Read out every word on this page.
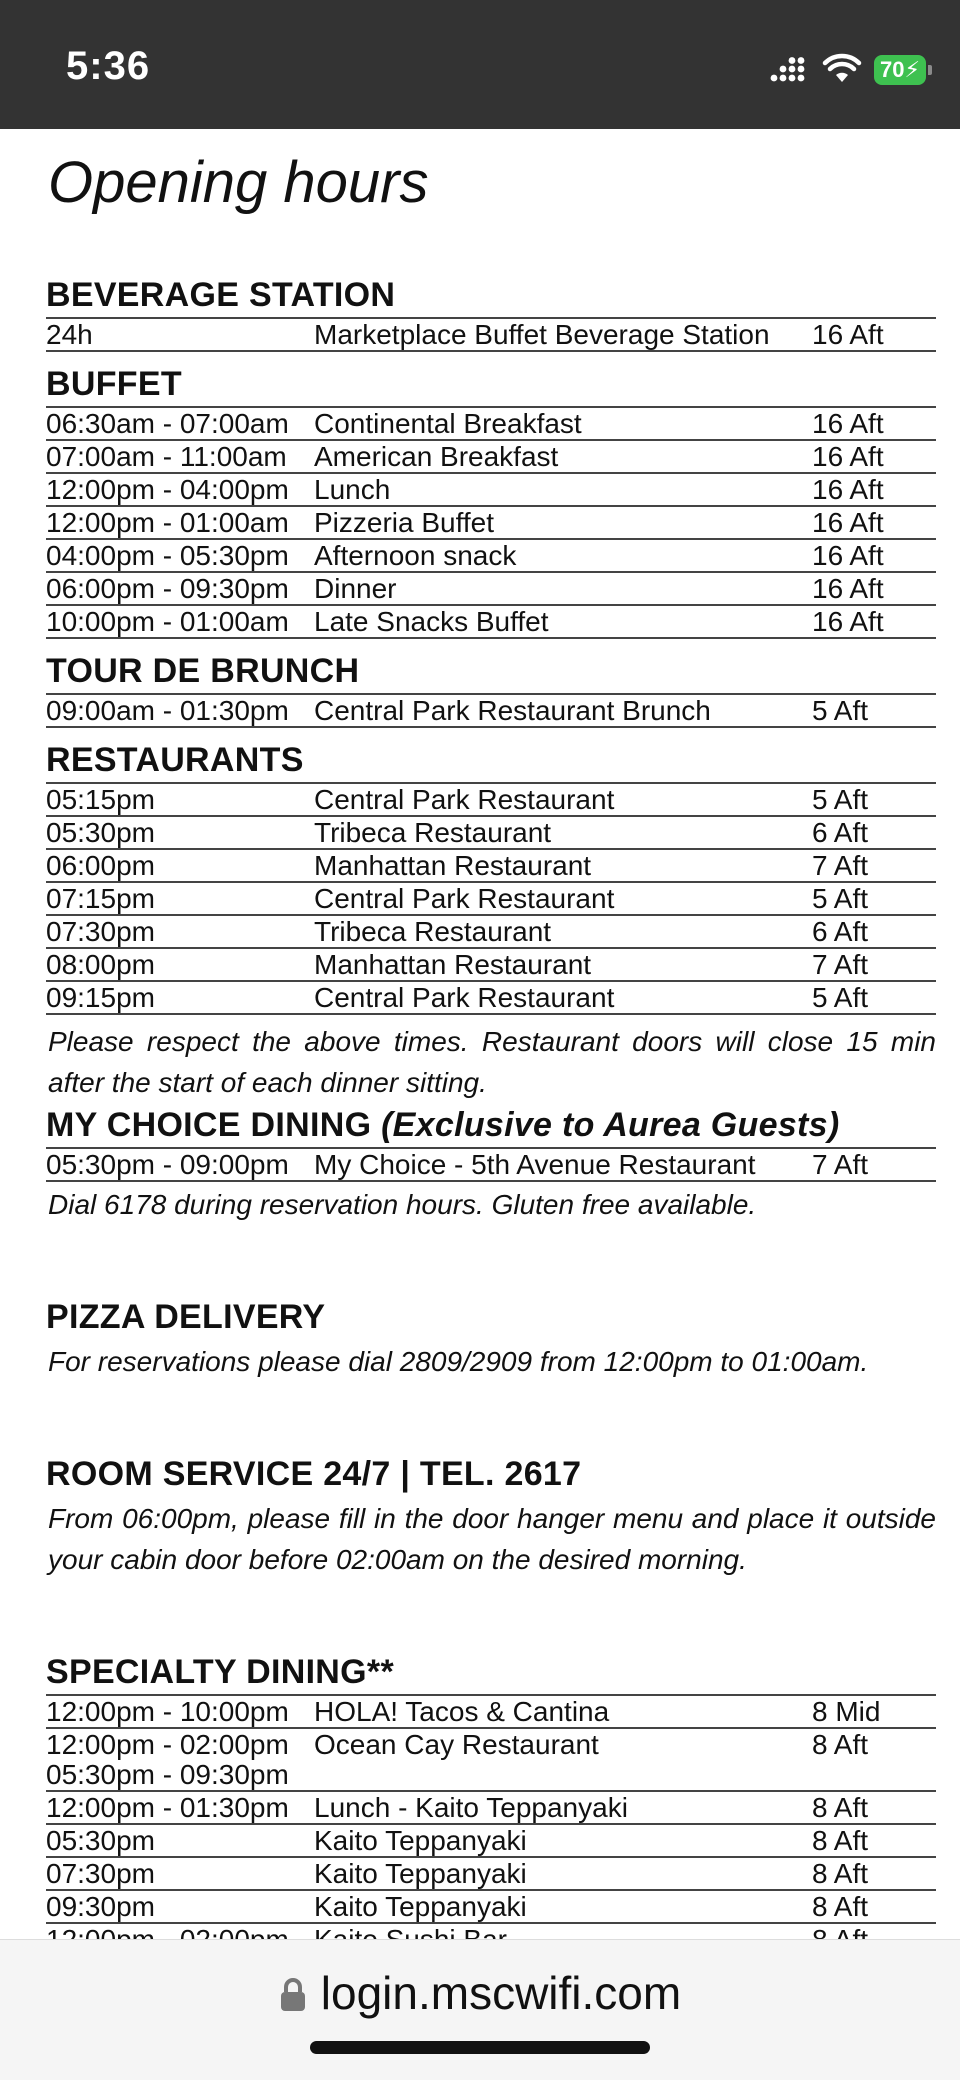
5:36	70 ⚡
Opening hours
BEVERAGE STATION
24h	Marketplace Buffet Beverage Station	16 Aft
BUFFET
06:30am - 07:00am	Continental Breakfast	16 Aft
07:00am - 11:00am	American Breakfast	16 Aft
12:00pm - 04:00pm	Lunch	16 Aft
12:00pm - 01:00am	Pizzeria Buffet	16 Aft
04:00pm - 05:30pm	Afternoon snack	16 Aft
06:00pm - 09:30pm	Dinner	16 Aft
10:00pm - 01:00am	Late Snacks Buffet	16 Aft
TOUR DE BRUNCH
09:00am - 01:30pm	Central Park Restaurant Brunch	5 Aft
RESTAURANTS
05:15pm	Central Park Restaurant	5 Aft
05:30pm	Tribeca Restaurant	6 Aft
06:00pm	Manhattan Restaurant	7 Aft
07:15pm	Central Park Restaurant	5 Aft
07:30pm	Tribeca Restaurant	6 Aft
08:00pm	Manhattan Restaurant	7 Aft
09:15pm	Central Park Restaurant	5 Aft

Please respect the above times. Restaurant doors will close 15 min after the start of each dinner sitting.

MY CHOICE DINING (Exclusive to Aurea Guests)
05:30pm - 09:00pm	My Choice - 5th Avenue Restaurant	7 Aft

Dial 6178 during reservation hours. Gluten free available.

PIZZA DELIVERY

For reservations please dial 2809/2909 from 12:00pm to 01:00am.

ROOM SERVICE 24/7 | TEL. 2617

From 06:00pm, please fill in the door hanger menu and place it outside your cabin door before 02:00am on the desired morning.

SPECIALTY DINING**
12:00pm - 10:00pm	HOLA! Tacos & Cantina	8 Mid

12:00pm - 02:00pm
05:30pm - 09:30pm	Ocean Cay Restaurant	8 Aft
12:00pm - 01:30pm	Lunch - Kaito Teppanyaki	8 Aft
05:30pm	Kaito Teppanyaki	8 Aft
07:30pm	Kaito Teppanyaki	8 Aft
09:30pm	Kaito Teppanyaki	8 Aft

login.mscwifi.com
